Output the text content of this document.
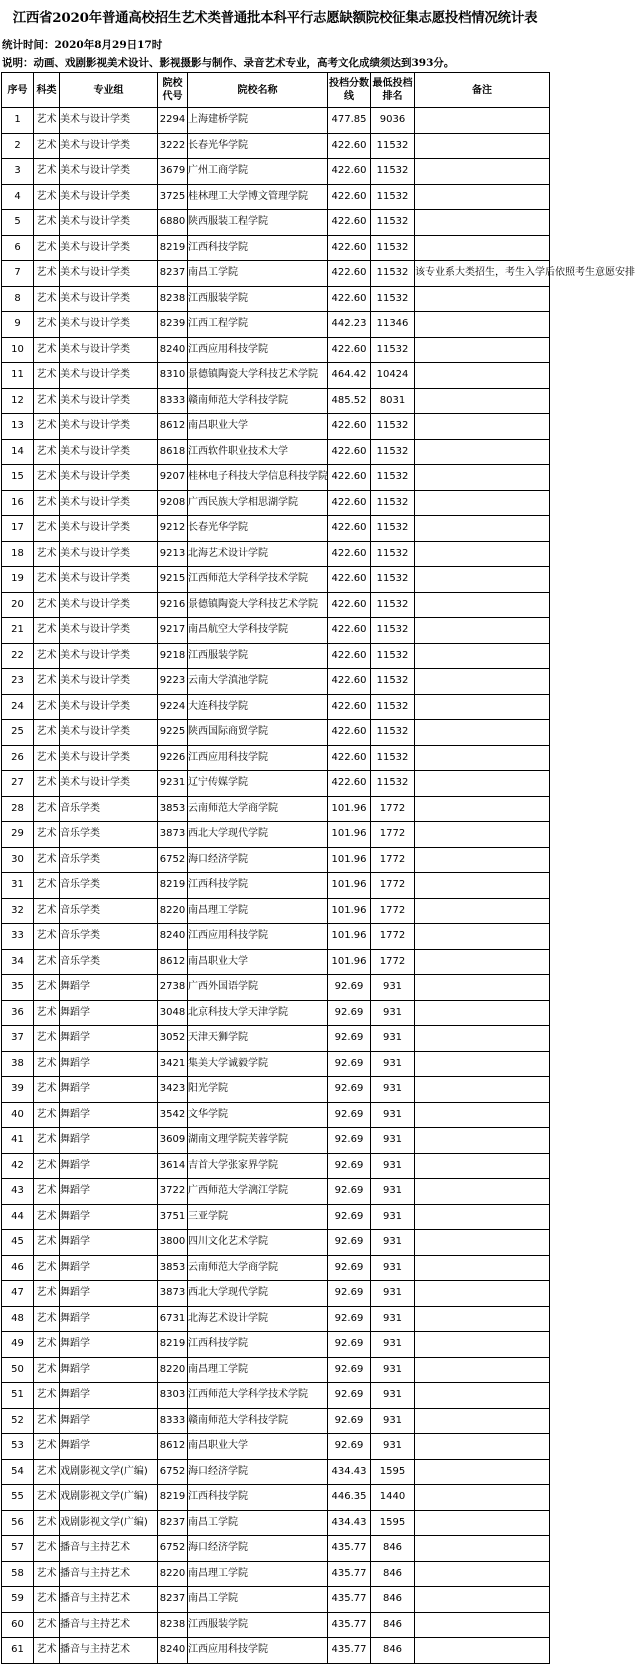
江西省2020年普通高校招生艺术类普通批本科平行志愿缺额院校征集志愿投档情况统计表
统计时间：2020年8月29日17时
说明：动画、戏剧影视美术设计、影视摄影与制作、录音艺术专业，高考文化成绩须达到393分。
序号	科类	专业组	院校代号	院校名称	投档分数线	最低投档排名	备注
1	艺术	美术与设计学类	2294	上海建桥学院	477.85	9036	
2	艺术	美术与设计学类	3222	长春光华学院	422.60	11532	
3	艺术	美术与设计学类	3679	广州工商学院	422.60	11532	
4	艺术	美术与设计学类	3725	桂林理工大学博文管理学院	422.60	11532	
5	艺术	美术与设计学类	6880	陕西服装工程学院	422.60	11532	
6	艺术	美术与设计学类	8219	江西科技学院	422.60	11532	
7	艺术	美术与设计学类	8237	南昌工学院	422.60	11532	该专业系大类招生，考生入学后依照考生意愿安排
8	艺术	美术与设计学类	8238	江西服装学院	422.60	11532	
9	艺术	美术与设计学类	8239	江西工程学院	442.23	11346	
10	艺术	美术与设计学类	8240	江西应用科技学院	422.60	11532	
11	艺术	美术与设计学类	8310	景德镇陶瓷大学科技艺术学院	464.42	10424	
12	艺术	美术与设计学类	8333	赣南师范大学科技学院	485.52	8031	
13	艺术	美术与设计学类	8612	南昌职业大学	422.60	11532	
14	艺术	美术与设计学类	8618	江西软件职业技术大学	422.60	11532	
15	艺术	美术与设计学类	9207	桂林电子科技大学信息科技学院	422.60	11532	
16	艺术	美术与设计学类	9208	广西民族大学相思湖学院	422.60	11532	
17	艺术	美术与设计学类	9212	长春光华学院	422.60	11532	
18	艺术	美术与设计学类	9213	北海艺术设计学院	422.60	11532	
19	艺术	美术与设计学类	9215	江西师范大学科学技术学院	422.60	11532	
20	艺术	美术与设计学类	9216	景德镇陶瓷大学科技艺术学院	422.60	11532	
21	艺术	美术与设计学类	9217	南昌航空大学科技学院	422.60	11532	
22	艺术	美术与设计学类	9218	江西服装学院	422.60	11532	
23	艺术	美术与设计学类	9223	云南大学滇池学院	422.60	11532	
24	艺术	美术与设计学类	9224	大连科技学院	422.60	11532	
25	艺术	美术与设计学类	9225	陕西国际商贸学院	422.60	11532	
26	艺术	美术与设计学类	9226	江西应用科技学院	422.60	11532	
27	艺术	美术与设计学类	9231	辽宁传媒学院	422.60	11532	
28	艺术	音乐学类	3853	云南师范大学商学院	101.96	1772	
29	艺术	音乐学类	3873	西北大学现代学院	101.96	1772	
30	艺术	音乐学类	6752	海口经济学院	101.96	1772	
31	艺术	音乐学类	8219	江西科技学院	101.96	1772	
32	艺术	音乐学类	8220	南昌理工学院	101.96	1772	
33	艺术	音乐学类	8240	江西应用科技学院	101.96	1772	
34	艺术	音乐学类	8612	南昌职业大学	101.96	1772	
35	艺术	舞蹈学	2738	广西外国语学院	92.69	931	
36	艺术	舞蹈学	3048	北京科技大学天津学院	92.69	931	
37	艺术	舞蹈学	3052	天津天狮学院	92.69	931	
38	艺术	舞蹈学	3421	集美大学诚毅学院	92.69	931	
39	艺术	舞蹈学	3423	阳光学院	92.69	931	
40	艺术	舞蹈学	3542	文华学院	92.69	931	
41	艺术	舞蹈学	3609	湖南文理学院芙蓉学院	92.69	931	
42	艺术	舞蹈学	3614	吉首大学张家界学院	92.69	931	
43	艺术	舞蹈学	3722	广西师范大学漓江学院	92.69	931	
44	艺术	舞蹈学	3751	三亚学院	92.69	931	
45	艺术	舞蹈学	3800	四川文化艺术学院	92.69	931	
46	艺术	舞蹈学	3853	云南师范大学商学院	92.69	931	
47	艺术	舞蹈学	3873	西北大学现代学院	92.69	931	
48	艺术	舞蹈学	6731	北海艺术设计学院	92.69	931	
49	艺术	舞蹈学	8219	江西科技学院	92.69	931	
50	艺术	舞蹈学	8220	南昌理工学院	92.69	931	
51	艺术	舞蹈学	8303	江西师范大学科学技术学院	92.69	931	
52	艺术	舞蹈学	8333	赣南师范大学科技学院	92.69	931	
53	艺术	舞蹈学	8612	南昌职业大学	92.69	931	
54	艺术	戏剧影视文学(广编)	6752	海口经济学院	434.43	1595	
55	艺术	戏剧影视文学(广编)	8219	江西科技学院	446.35	1440	
56	艺术	戏剧影视文学(广编)	8237	南昌工学院	434.43	1595	
57	艺术	播音与主持艺术	6752	海口经济学院	435.77	846	
58	艺术	播音与主持艺术	8220	南昌理工学院	435.77	846	
59	艺术	播音与主持艺术	8237	南昌工学院	435.77	846	
60	艺术	播音与主持艺术	8238	江西服装学院	435.77	846	
61	艺术	播音与主持艺术	8240	江西应用科技学院	435.77	846	
